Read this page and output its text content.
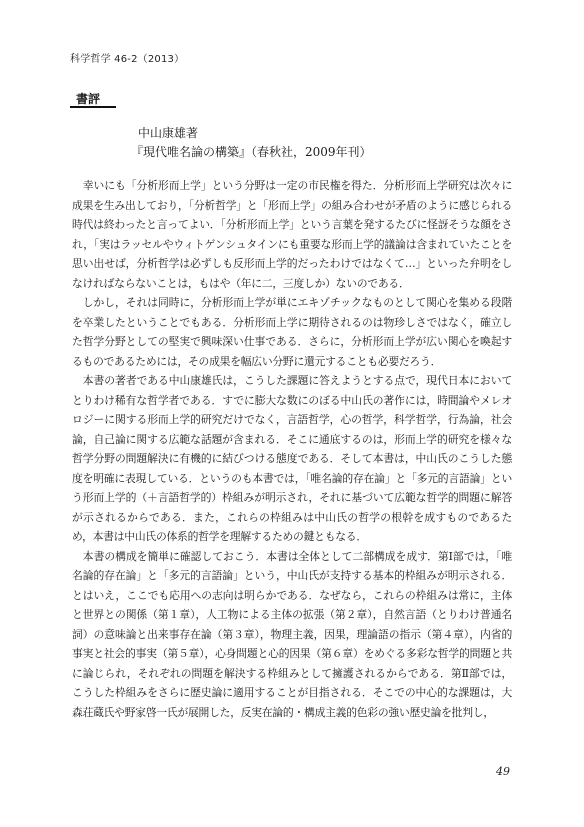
科学哲学 46-2（2013）
書評
中山康雄著
『現代唯名論の構築』（春秋社，2009年刊）

幸いにも「分析形而上学」という分野は一定の市民権を得た．分析形而上学研究は次々に成果を生み出しており，「分析哲学」と「形而上学」の組み合わせが矛盾のように感じられる時代は終わったと言ってよい．「分析形而上学」という言葉を発するたびに怪訝そうな顔をされ，「実はラッセルやウィトゲンシュタインにも重要な形而上学的議論は含まれていたことを思い出せば，分析哲学は必ずしも反形而上学的だったわけではなくて…」といった弁明をしなければならないことは，もはや（年に二，三度しか）ないのである．

しかし，それは同時に，分析形而上学が単にエキゾチックなものとして関心を集める段階を卒業したということでもある．分析形而上学に期待されるのは物珍しさではなく，確立した哲学分野としての堅実で興味深い仕事である．さらに，分析形而上学が広い関心を喚起するものであるためには，その成果を幅広い分野に還元することも必要だろう．

本書の著者である中山康雄氏は，こうした課題に答えようとする点で，現代日本においてとりわけ稀有な哲学者である．すでに膨大な数にのぼる中山氏の著作には，時間論やメレオロジーに関する形而上学的研究だけでなく，言語哲学，心の哲学，科学哲学，行為論，社会論，自己論に関する広範な話題が含まれる．そこに通底するのは，形而上学的研究を様々な哲学分野の問題解決に有機的に結びつける態度である．そして本書は，中山氏のこうした態度を明確に表現している．というのも本書では，「唯名論的存在論」と「多元的言語論」という形而上学的（＋言語哲学的）枠組みが明示され，それに基づいて広範な哲学的問題に解答が示されるからである．また，これらの枠組みは中山氏の哲学の根幹を成すものであるため，本書は中山氏の体系的哲学を理解するための鍵ともなる．

本書の構成を簡単に確認しておこう．本書は全体として二部構成を成す．第Ⅰ部では，「唯名論的存在論」と「多元的言語論」という，中山氏が支持する基本的枠組みが明示される．とはいえ，ここでも応用への志向は明らかである．なぜなら，これらの枠組みは常に，主体と世界との関係（第１章），人工物による主体の拡張（第２章），自然言語（とりわけ普通名詞）の意味論と出来事存在論（第３章），物理主義，因果，理論語の指示（第４章），内省的事実と社会的事実（第５章），心身問題と心的因果（第６章）をめぐる多彩な哲学的問題と共に論じられ，それぞれの問題を解決する枠組みとして擁護されるからである．第Ⅱ部では，こうした枠組みをさらに歴史論に適用することが目指される．そこでの中心的な課題は，大森荘蔵氏や野家啓一氏が展開した，反実在論的・構成主義的色彩の強い歴史論を批判し，

49
